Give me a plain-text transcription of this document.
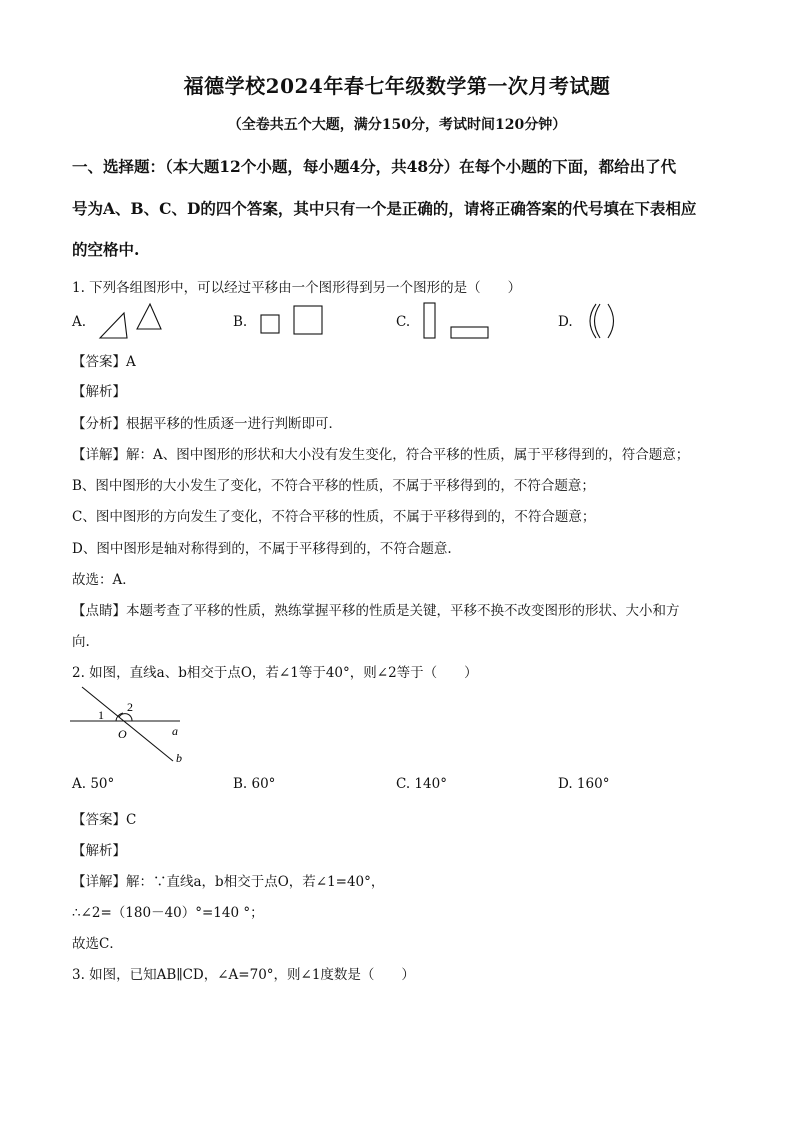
福德学校2024年春七年级数学第一次月考试题
（全卷共五个大题，满分150分，考试时间120分钟）
一、选择题：（本大题12个小题，每小题4分，共48分）在每个小题的下面，都给出了代
号为A、B、C、D的四个答案，其中只有一个是正确的，请将正确答案的代号填在下表相应
的空格中.
1. 下列各组图形中，可以经过平移由一个图形得到另一个图形的是（　　）
A.	B.	C.	D.
【答案】A
【解析】
【分析】根据平移的性质逐一进行判断即可．
【详解】解：A、图中图形的形状和大小没有发生变化，符合平移的性质，属于平移得到的，符合题意；
B、图中图形的大小发生了变化，不符合平移的性质，不属于平移得到的，不符合题意；
C、图中图形的方向发生了变化，不符合平移的性质，不属于平移得到的，不符合题意；
D、图中图形是轴对称得到的，不属于平移得到的，不符合题意.
故选：A．
【点睛】本题考查了平移的性质，熟练掌握平移的性质是关键，平移不换不改变图形的形状、大小和方
向.
2. 如图，直线a、b相交于点O，若∠1等于40°，则∠2等于（　　）
1
2
O	a
b
A. 50°	B. 60°	C. 140°	D. 160°
【答案】C
【解析】
【详解】解：∵直线a，b相交于点O，若∠1=40°，
∴∠2=（180－40）°=140 °；
故选C．
3. 如图，已知AB∥CD，∠A=70°，则∠1度数是（　　）
